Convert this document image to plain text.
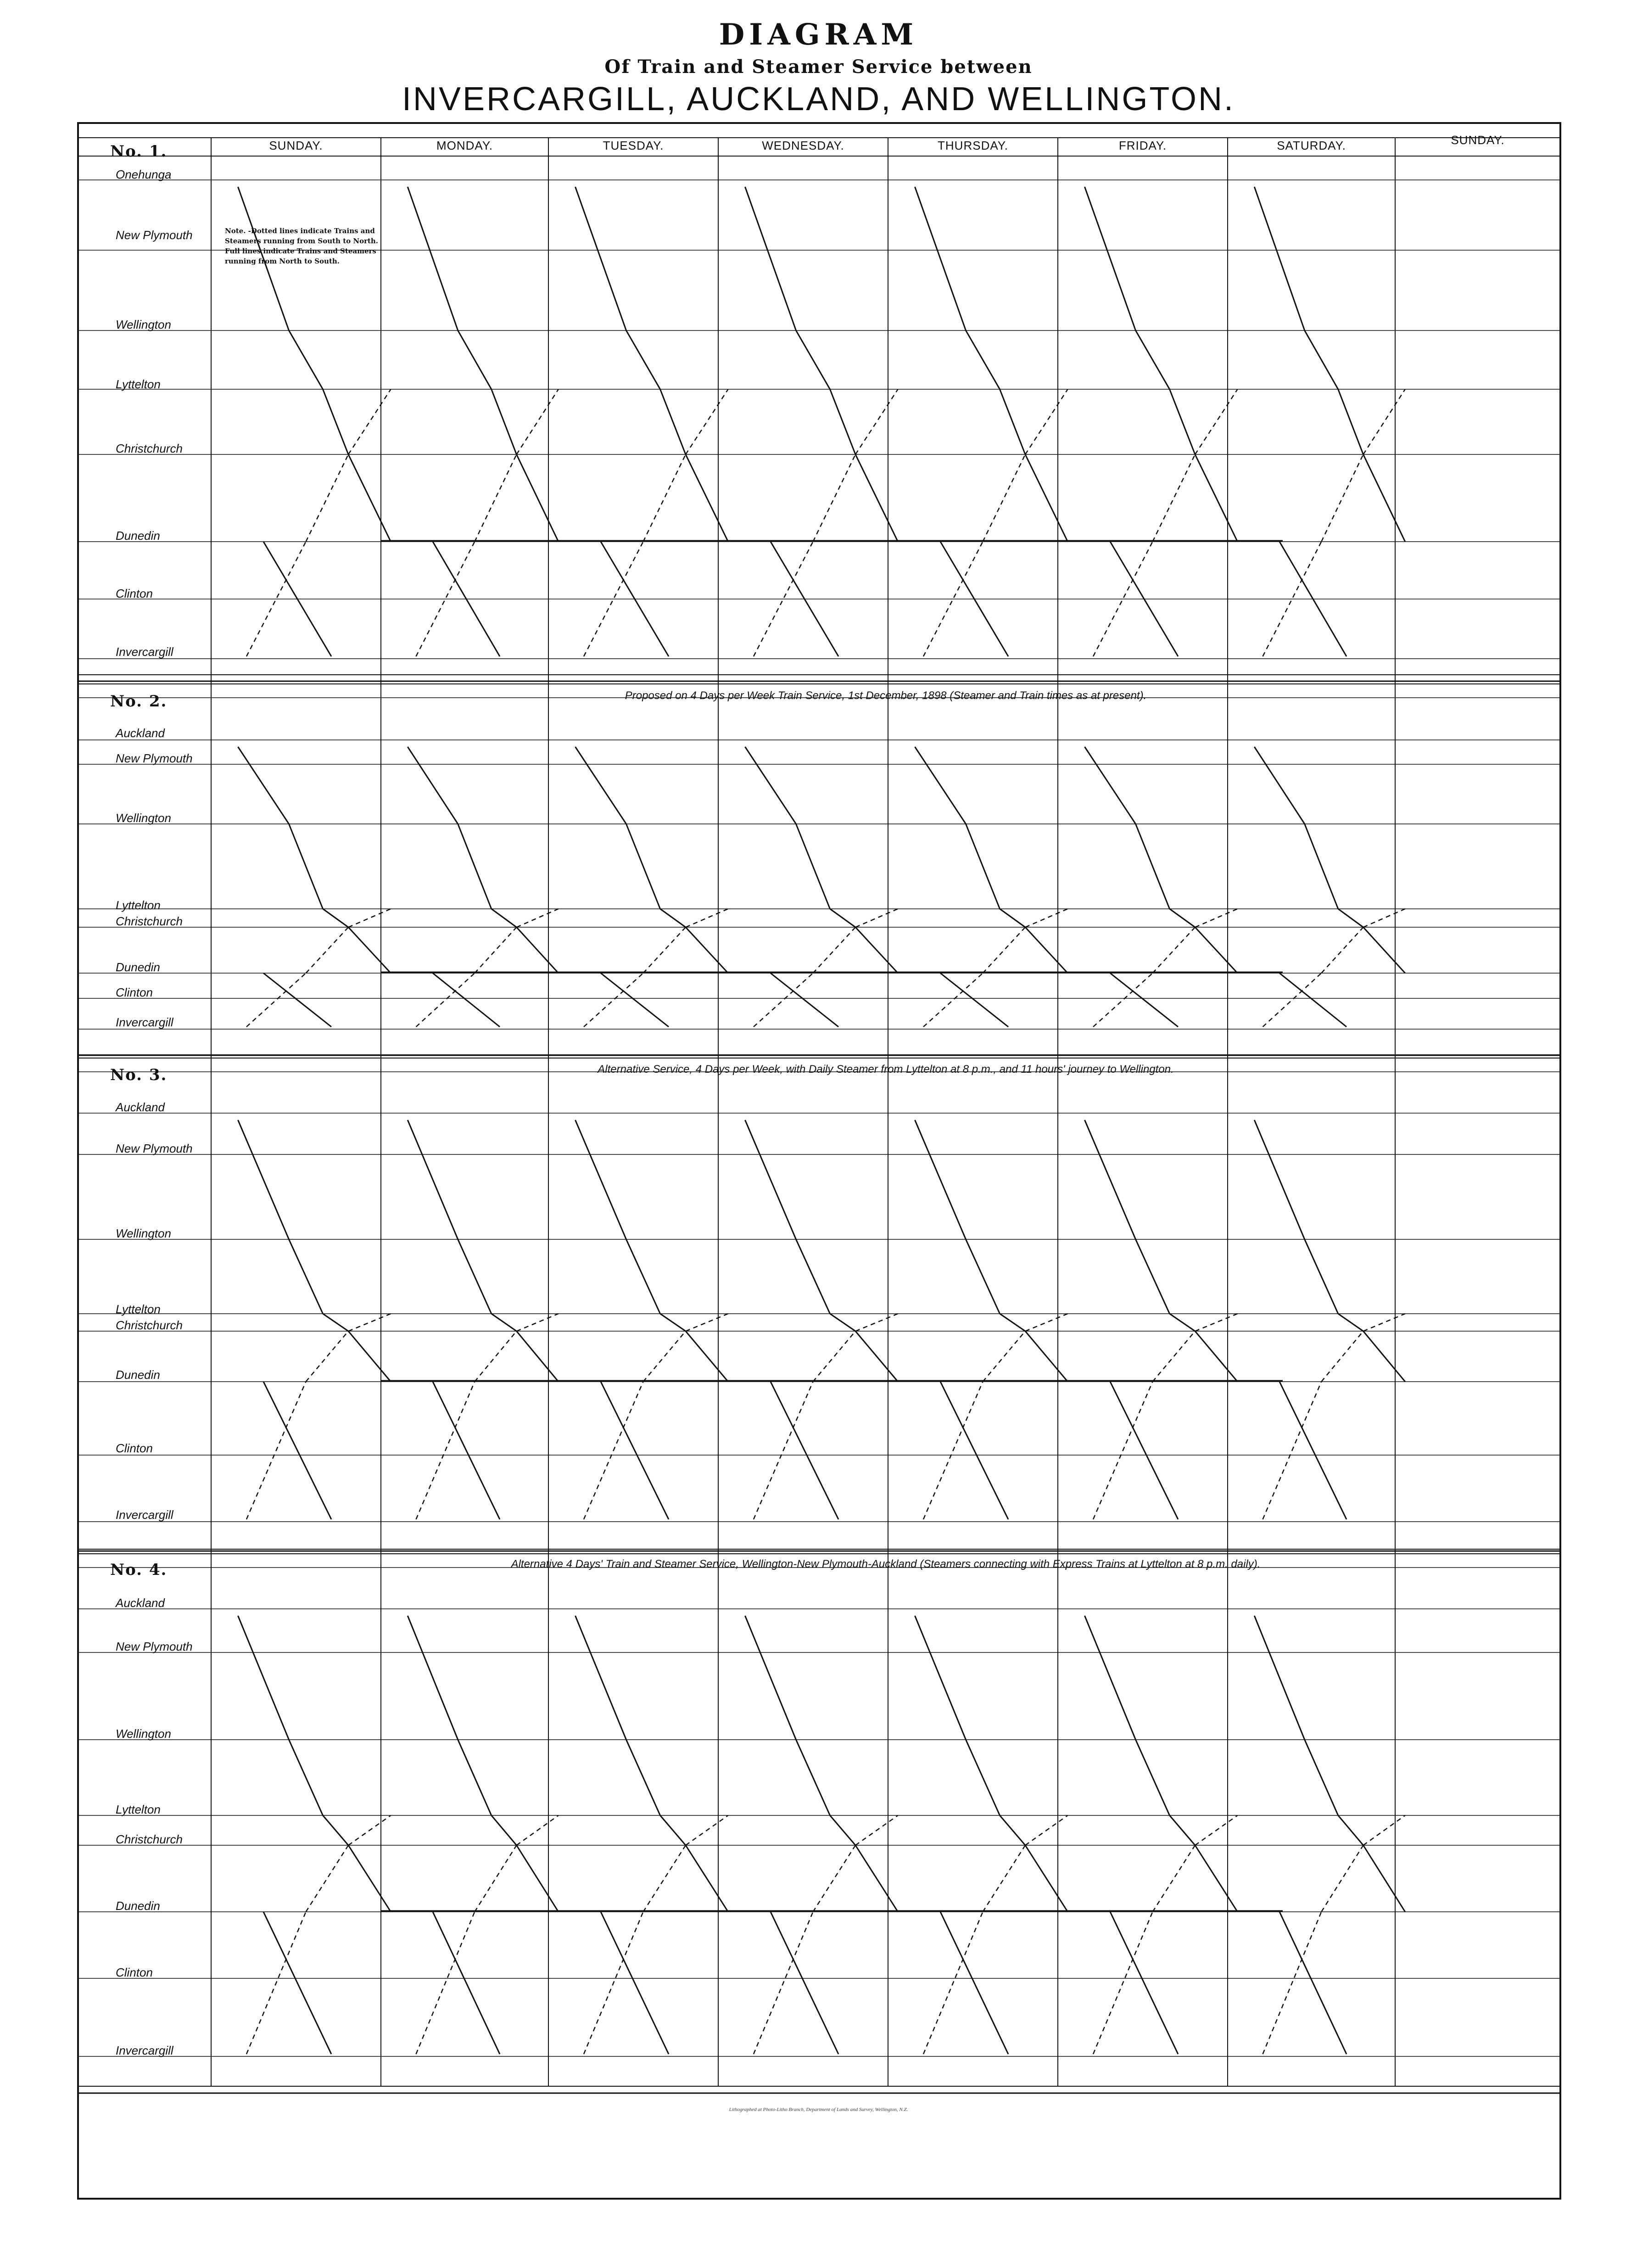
DIAGRAM
Of Train and Steamer Service between
INVERCARGILL, AUCKLAND, AND WELLINGTON.
SUNDAY.	MONDAY.	TUESDAY.	WEDNESDAY.	THURSDAY.	FRIDAY.	SATURDAY.	SUNDAY.
No. 1.
Note. -Dotted lines indicate Trains and Steamers running from South to North. Full lines indicate Trains and Steamers running from North to South.
Onehunga
New Plymouth
Wellington
Lyttelton
Christchurch
Dunedin
Clinton
Invercargill
No. 2.	Proposed on 4 Days per Week Train Service, 1st December, 1898 (Steamer and Train times as at present).
Auckland
New Plymouth
Wellington
Lyttelton
Christchurch
Dunedin
Clinton
Invercargill
No. 3.	Alternative Service, 4 Days per Week, with Daily Steamer from Lyttelton at 8 p.m., and 11 hours' journey to Wellington.
Auckland
New Plymouth
Wellington
Lyttelton
Christchurch
Dunedin
Clinton
Invercargill
No. 4.	Alternative 4 Days' Train and Steamer Service, Wellington-New Plymouth-Auckland (Steamers connecting with Express Trains at Lyttelton at 8 p.m. daily).
Auckland
New Plymouth
Wellington
Lyttelton
Christchurch
Dunedin
Clinton
Invercargill
Lithographed at Photo-Litho Branch, Department of Lands and Survey, Wellington, N.Z.
